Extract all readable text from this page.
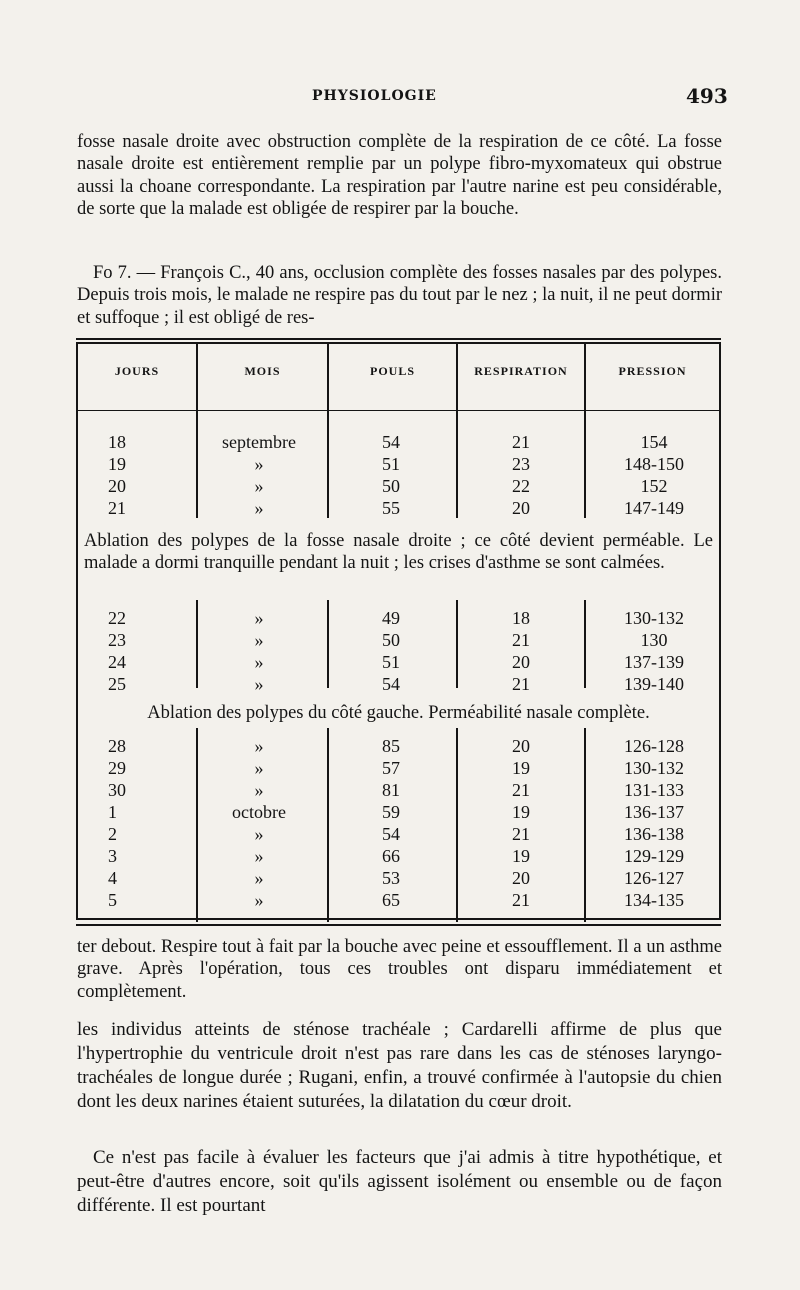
PHYSIOLOGIE	493

fosse nasale droite avec obstruction complète de la respiration de ce côté. La fosse nasale droite est entièrement remplie par un polype fibro-myxomateux qui obstrue aussi la choane correspondante. La respiration par l'autre narine est peu considérable, de sorte que la malade est obligée de respirer par la bouche.

Fo 7. — François C., 40 ans, occlusion complète des fosses nasales par des polypes. Depuis trois mois, le malade ne respire pas du tout par le nez ; la nuit, il ne peut dormir et suffoque ; il est obligé de res-

JOURS	MOIS	POULS	RESPIRATION	PRESSION
18	septembre	54	21	154
19	»	51	23	148-150
20	»	50	22	152
21	»	55	20	147-149
Ablation des polypes de la fosse nasale droite ; ce côté devient perméable. Le malade a dormi tranquille pendant la nuit ; les crises d'asthme se sont calmées.
22	»	49	18	130-132
23	»	50	21	130
24	»	51	20	137-139
25	»	54	21	139-140
Ablation des polypes du côté gauche. Perméabilité nasale complète.
28	»	85	20	126-128
29	»	57	19	130-132
30	»	81	21	131-133
1	octobre	59	19	136-137
2	»	54	21	136-138
3	»	66	19	129-129
4	»	53	20	126-127
5	»	65	21	134-135

ter debout. Respire tout à fait par la bouche avec peine et essoufflement. Il a un asthme grave. Après l'opération, tous ces troubles ont disparu immédiatement et complètement.

les individus atteints de sténose trachéale ; Cardarelli affirme de plus que l'hypertrophie du ventricule droit n'est pas rare dans les cas de sténoses laryngo-trachéales de longue durée ; Rugani, enfin, a trouvé confirmée à l'autopsie du chien dont les deux narines étaient suturées, la dilatation du cœur droit.

Ce n'est pas facile à évaluer les facteurs que j'ai admis à titre hypothétique, et peut-être d'autres encore, soit qu'ils agissent isolément ou ensemble ou de façon différente. Il est pourtant
